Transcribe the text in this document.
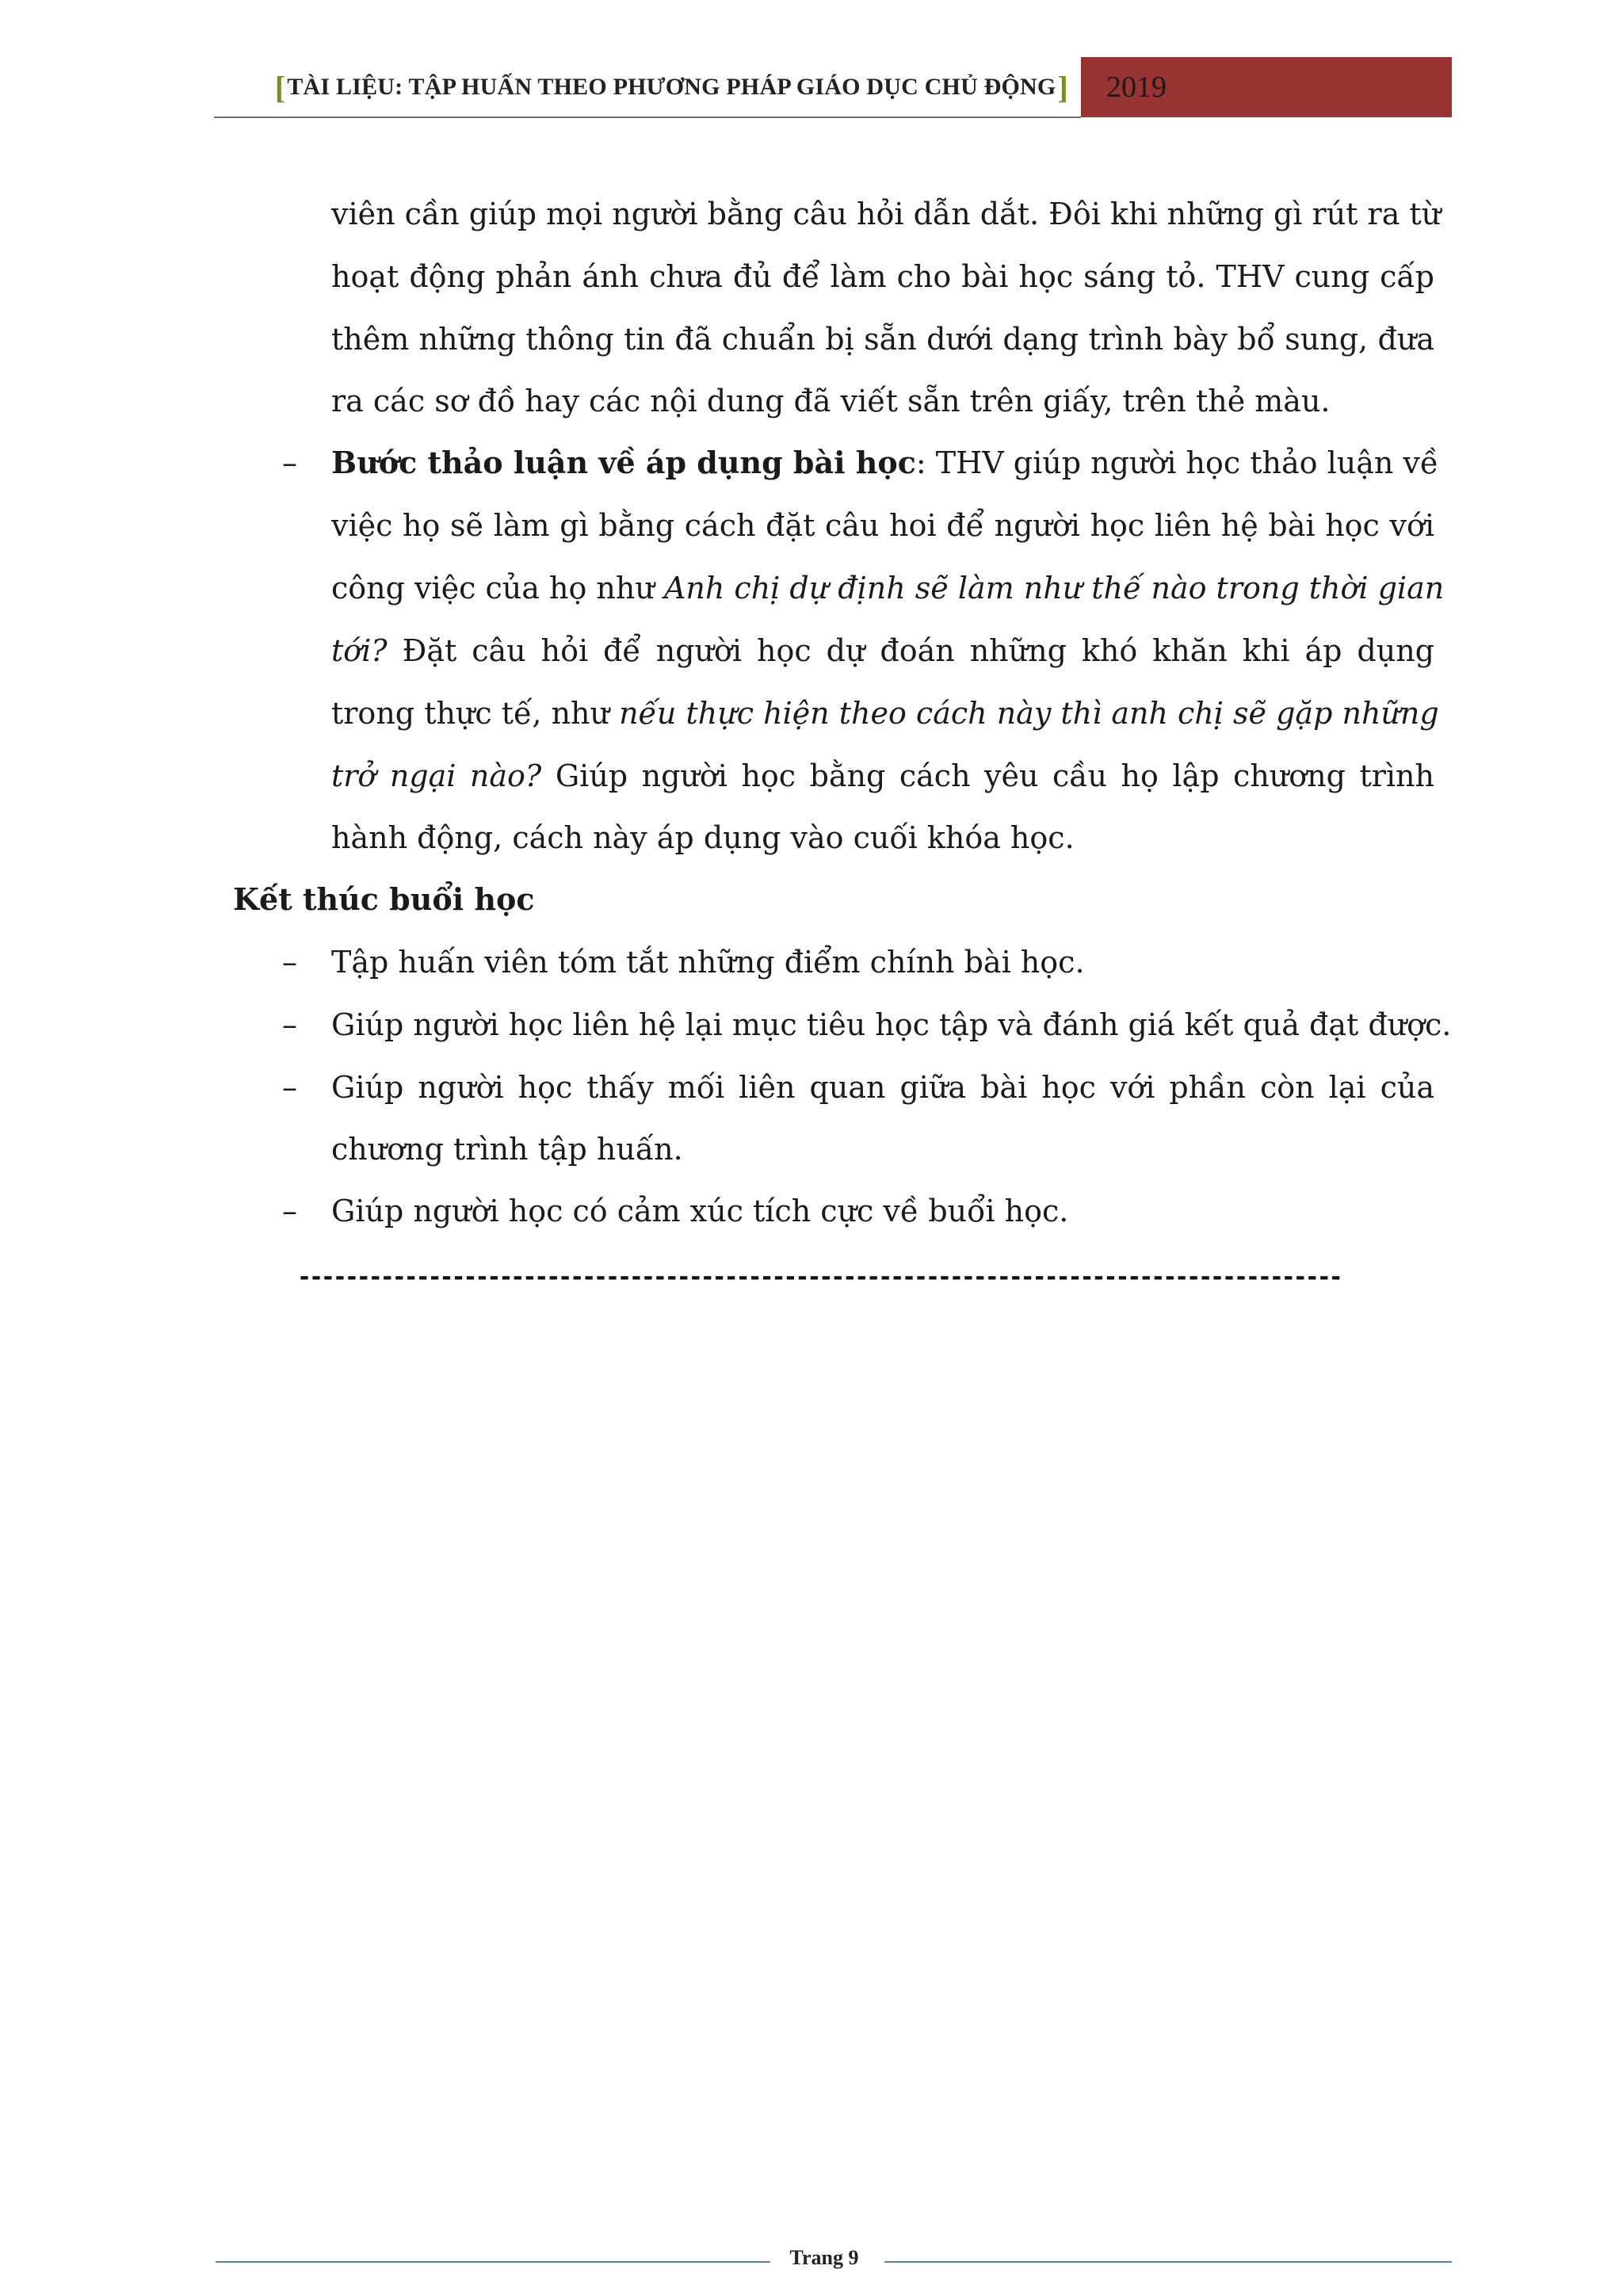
[ TÀI LIỆU: TẬP HUẤN THEO PHƯƠNG PHÁP GIÁO DỤC CHỦ ĐỘNG ]	2019
viên cần giúp mọi người bằng câu hỏi dẫn dắt. Đôi khi những gì rút ra từ
hoạt động phản ánh chưa đủ để làm cho bài học sáng tỏ. THV cung cấp
thêm những thông tin đã chuẩn bị sẵn dưới dạng trình bày bổ sung, đưa
ra các sơ đồ hay các nội dung đã viết sẵn trên giấy, trên thẻ màu.
– Bước thảo luận về áp dụng bài học: THV giúp người học thảo luận về
việc họ sẽ làm gì bằng cách đặt câu hoi để người học liên hệ bài học với
công việc của họ như Anh chị dự định sẽ làm như thế nào trong thời gian
tới? Đặt câu hỏi để người học dự đoán những khó khăn khi áp dụng
trong thực tế, như nếu thực hiện theo cách này thì anh chị sẽ gặp những
trở ngại nào? Giúp người học bằng cách yêu cầu họ lập chương trình
hành động, cách này áp dụng vào cuối khóa học.
Kết thúc buổi học
– Tập huấn viên tóm tắt những điểm chính bài học.
– Giúp người học liên hệ lại mục tiêu học tập và đánh giá kết quả đạt được.
– Giúp người học thấy mối liên quan giữa bài học với phần còn lại của
chương trình tập huấn.
– Giúp người học có cảm xúc tích cực về buổi học.
----------------------------------------------------------------------------------------
Trang 9
